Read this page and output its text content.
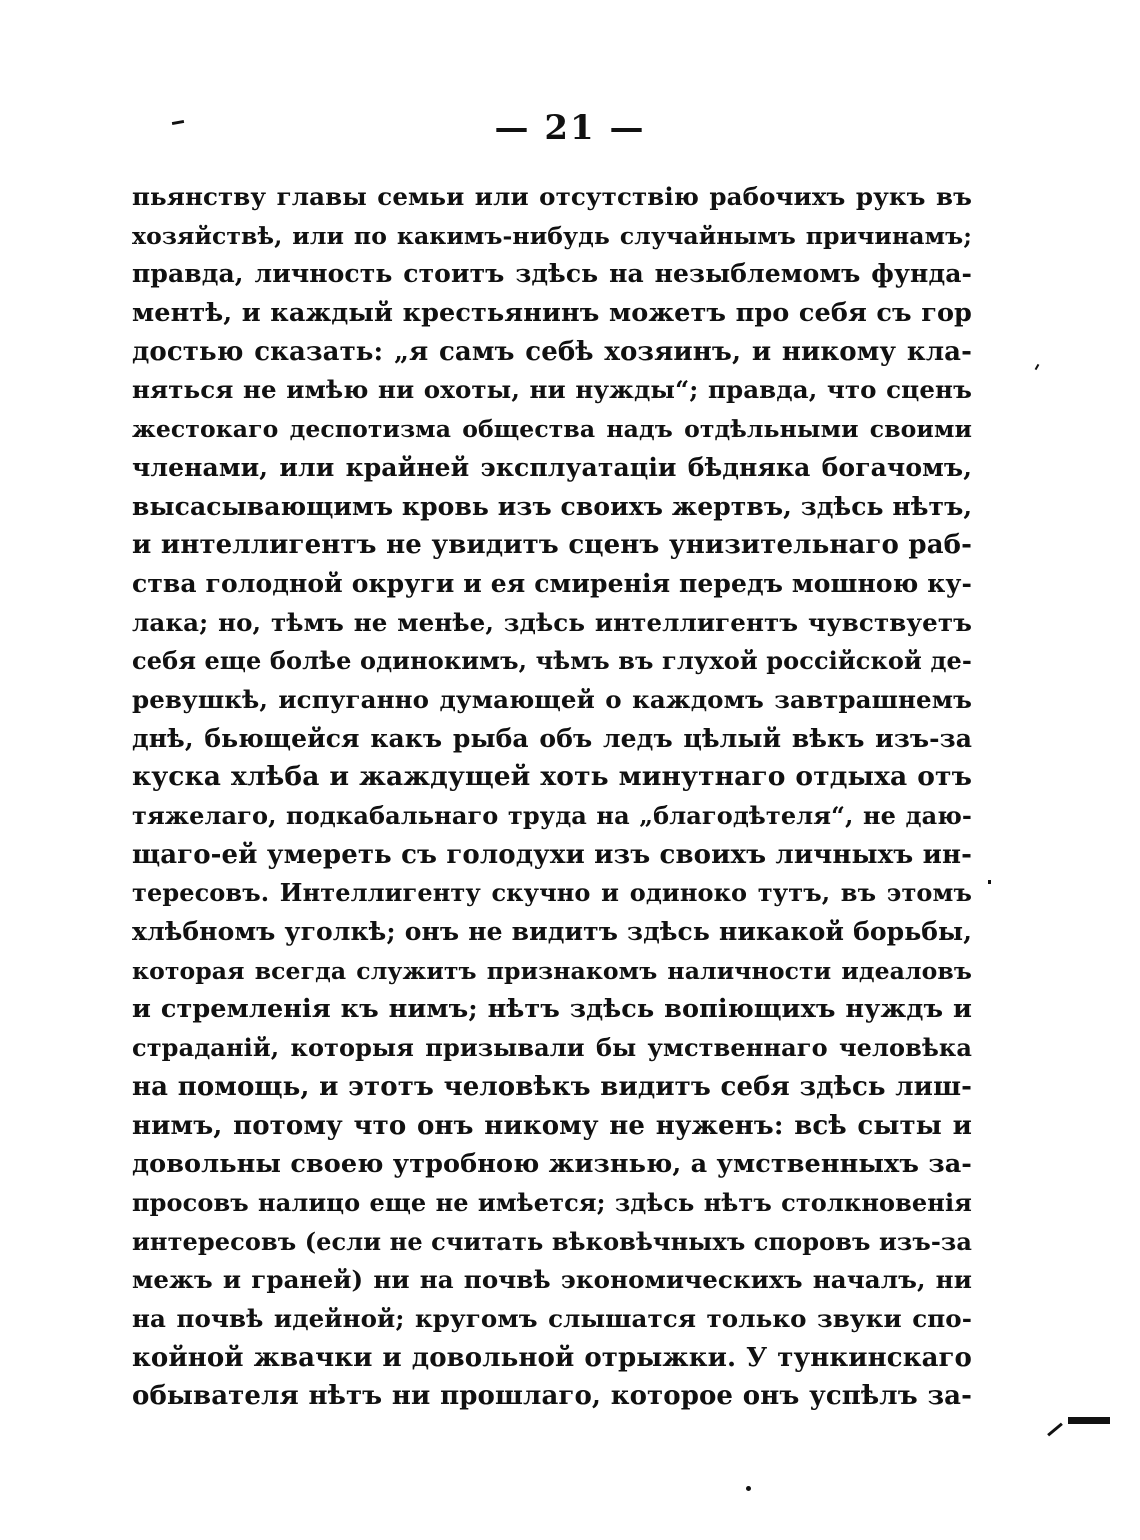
— 21 —
пьянству главы семьи или отсутствію рабочихъ рукъ въ
хозяйствѣ, или по какимъ-нибудь случайнымъ причинамъ;
правда, личность стоитъ здѣсь на незыблемомъ фунда-
ментѣ, и каждый крестьянинъ можетъ про себя съ гор
достью сказать: „я самъ себѣ хозяинъ, и никому кла-
няться не имѣю ни охоты, ни нужды“; правда, что сценъ
жестокаго деспотизма общества надъ отдѣльными своими
членами, или крайней эксплуатаціи бѣдняка богачомъ,
высасывающимъ кровь изъ своихъ жертвъ, здѣсь нѣтъ,
и интеллигентъ не увидитъ сценъ унизительнаго раб-
ства голодной округи и ея смиренія передъ мошною ку-
лака; но, тѣмъ не менѣе, здѣсь интеллигентъ чувствуетъ
себя еще болѣе одинокимъ, чѣмъ въ глухой россійской де-
ревушкѣ, испуганно думающей о каждомъ завтрашнемъ
днѣ, бьющейся какъ рыба объ ледъ цѣлый вѣкъ изъ-за
куска хлѣба и жаждущей хоть минутнаго отдыха отъ
тяжелаго, подкабальнаго труда на „благодѣтеля“, не даю-
щаго-ей умереть съ голодухи изъ своихъ личныхъ ин-
тересовъ. Интеллигенту скучно и одиноко тутъ, въ этомъ
хлѣбномъ уголкѣ; онъ не видитъ здѣсь никакой борьбы,
которая всегда служитъ признакомъ наличности идеаловъ
и стремленія къ нимъ; нѣтъ здѣсь вопіющихъ нуждъ и
страданій, которыя призывали бы умственнаго человѣка
на помощь, и этотъ человѣкъ видитъ себя здѣсь лиш-
нимъ, потому что онъ никому не нуженъ: всѣ сыты и
довольны своею утробною жизнью, а умственныхъ за-
просовъ налицо еще не имѣется; здѣсь нѣтъ столкновенія
интересовъ (если не считать вѣковѣчныхъ споровъ изъ-за
межъ и граней) ни на почвѣ экономическихъ началъ, ни
на почвѣ идейной; кругомъ слышатся только звуки спо-
койной жвачки и довольной отрыжки. У тункинскаго
обывателя нѣтъ ни прошлаго, которое онъ успѣлъ за-
